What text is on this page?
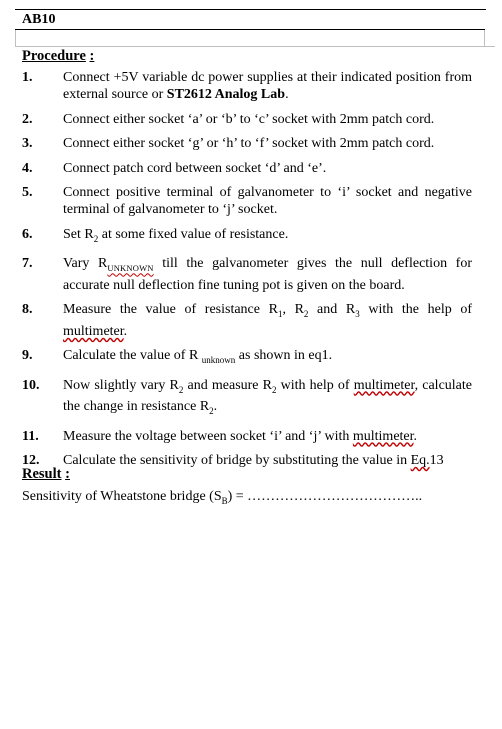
AB10
Procedure :
1.	Connect +5V variable dc power supplies at their indicated position from external source or ST2612 Analog Lab.
2.	Connect either socket ‘a’ or ‘b’ to ‘c’ socket with 2mm patch cord.
3.	Connect either socket ‘g’ or ‘h’ to ‘f’ socket with 2mm patch cord.
4.	Connect patch cord between socket ‘d’ and ‘e’.
5.	Connect positive terminal of galvanometer to ‘i’ socket and negative terminal of galvanometer to ‘j’ socket.
6.	Set $R_2$ at some fixed value of resistance.
7.	Vary $R_{UNKNOWN}$ till the galvanometer gives the null deflection for accurate null deflection fine tuning pot is given on the board.
8.	Measure the value of resistance $R_1$, $R_2$ and $R_3$ with the help of multimeter.
9.	Calculate the value of R $_{unknown}$ as shown in eq1.
10.	Now slightly vary $R_2$ and measure $R_2$ with help of multimeter, calculate the change in resistance $R_2$.
11.	Measure the voltage between socket ‘i’ and ‘j’ with multimeter.
12.	Calculate the sensitivity of bridge by substituting the value in Eq.13
Result :
Sensitivity of Wheatstone bridge $(S_B)$ = ………………………………..
